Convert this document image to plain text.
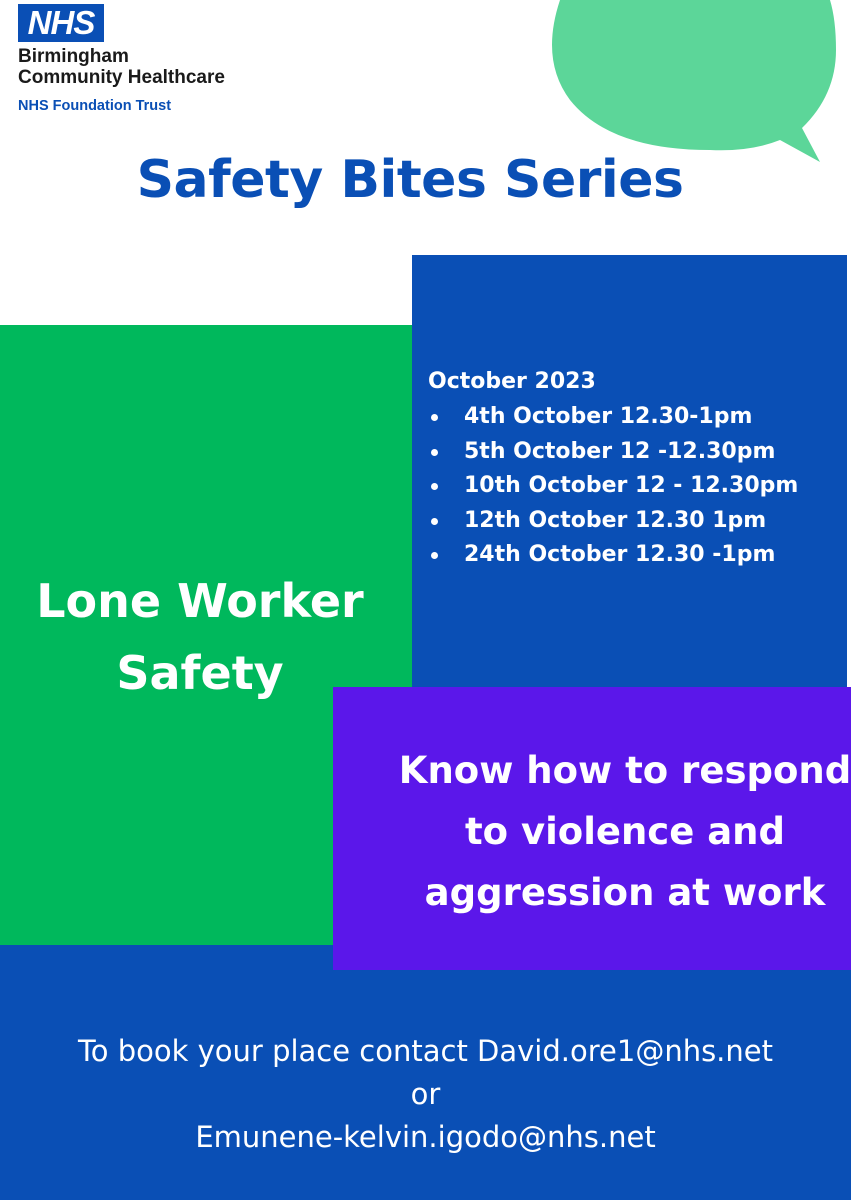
NHS
Birmingham
Community Healthcare
NHS Foundation Trust
Safety Bites Series
Lone Worker
Safety
October 2023
4th October 12.30-1pm
5th October 12 -12.30pm
10th October 12 - 12.30pm
12th October 12.30 1pm
24th October 12.30 -1pm
Know how to respond
to violence and
aggression at work
To book your place contact David.ore1@nhs.net
or
Emunene-kelvin.igodo@nhs.net
